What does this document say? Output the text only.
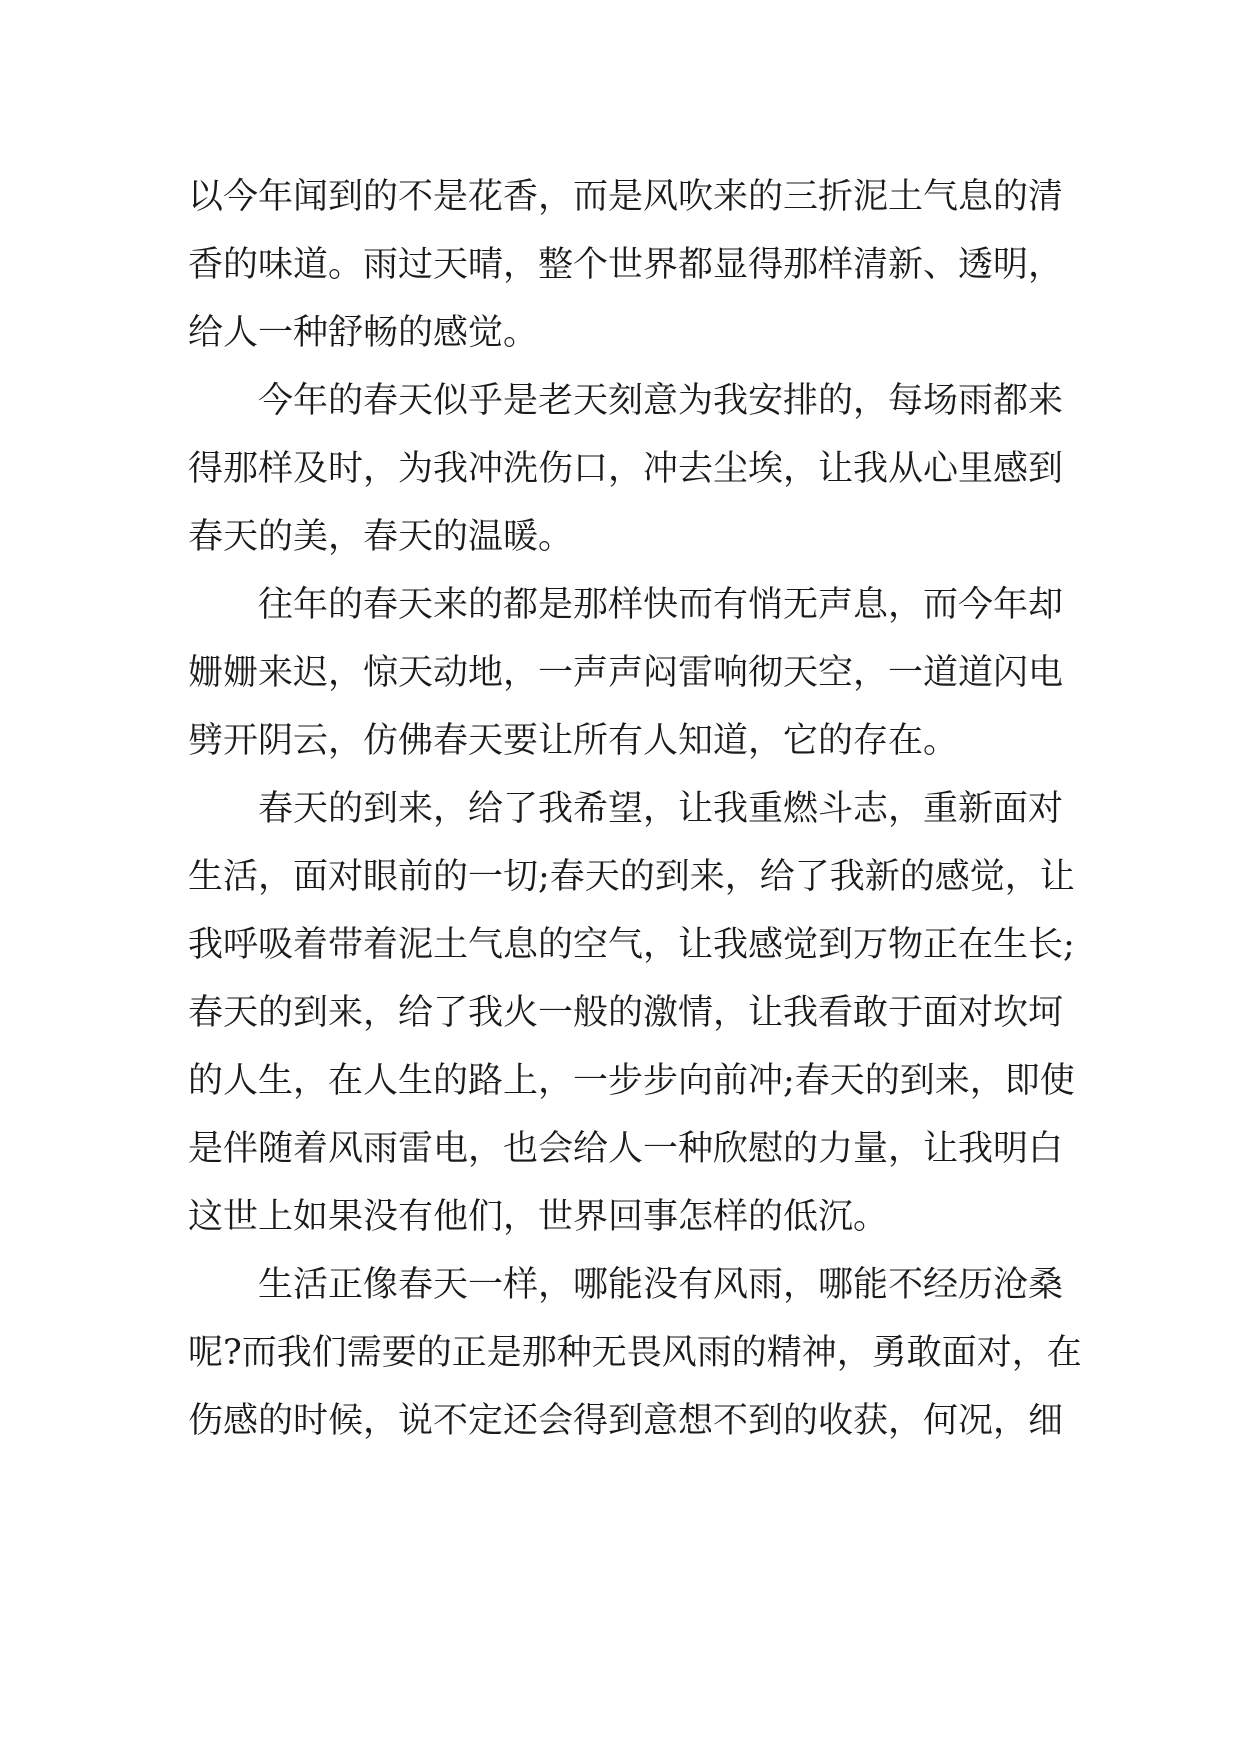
以今年闻到的不是花香，而是风吹来的三折泥土气息的清
香的味道。雨过天晴，整个世界都显得那样清新、透明，
给人一种舒畅的感觉。
今年的春天似乎是老天刻意为我安排的，每场雨都来
得那样及时，为我冲洗伤口，冲去尘埃，让我从心里感到
春天的美，春天的温暖。
往年的春天来的都是那样快而有悄无声息，而今年却
姗姗来迟，惊天动地，一声声闷雷响彻天空，一道道闪电
劈开阴云，仿佛春天要让所有人知道，它的存在。
春天的到来，给了我希望，让我重燃斗志，重新面对
生活，面对眼前的一切;春天的到来，给了我新的感觉，让
我呼吸着带着泥土气息的空气，让我感觉到万物正在生长;
春天的到来，给了我火一般的激情，让我看敢于面对坎坷
的人生，在人生的路上，一步步向前冲;春天的到来，即使
是伴随着风雨雷电，也会给人一种欣慰的力量，让我明白
这世上如果没有他们，世界回事怎样的低沉。
生活正像春天一样，哪能没有风雨，哪能不经历沧桑
呢?而我们需要的正是那种无畏风雨的精神，勇敢面对，在
伤感的时候，说不定还会得到意想不到的收获，何况，细
